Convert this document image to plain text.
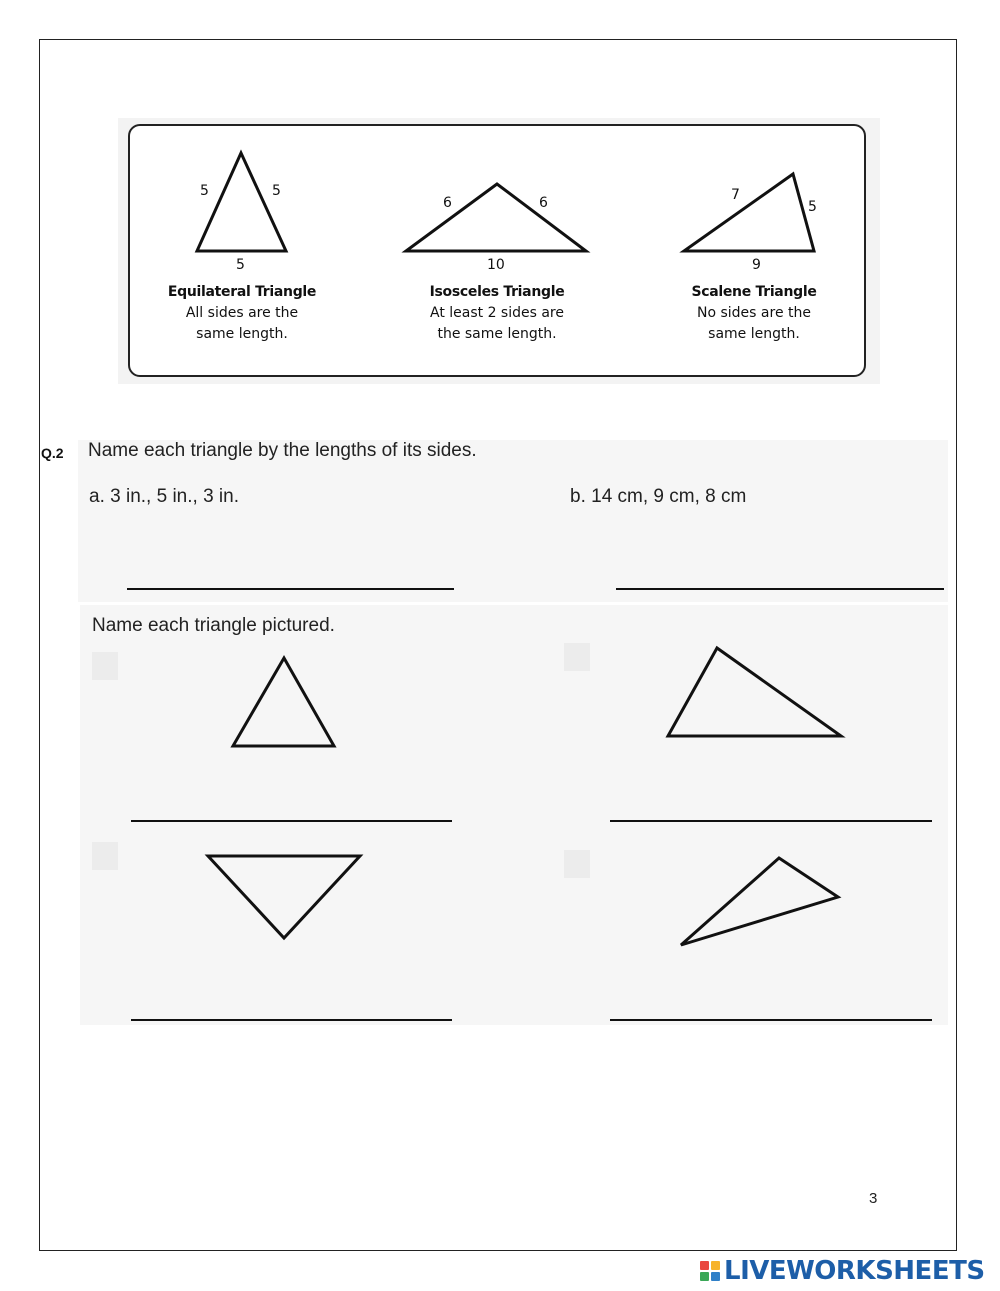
5	5
5
6	6
10
7
5
9
Equilateral Triangle
All sides are the
same length.
Isosceles Triangle
At least 2 sides are
the same length.
Scalene Triangle
No sides are the
same length.
Q.2 Name each triangle by the lengths of its sides.
a. 3 in., 5 in., 3 in.	b. 14 cm, 9 cm, 8 cm
Name each triangle pictured.
3
LIVEWORKSHEETS
